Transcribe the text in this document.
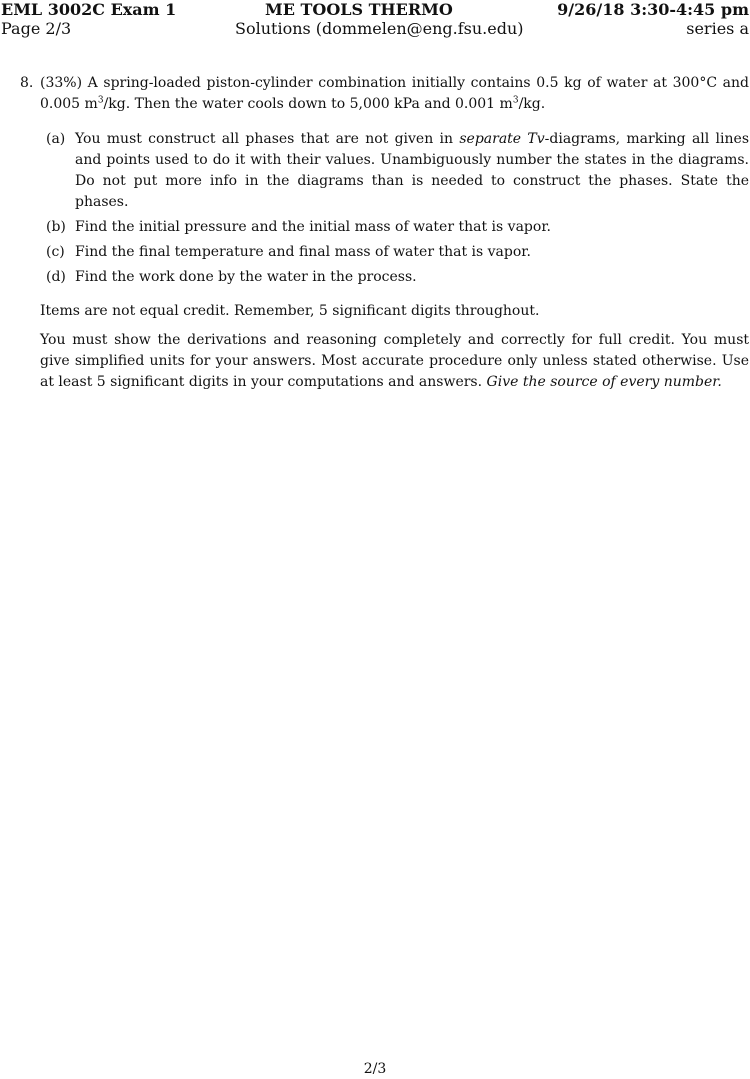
EML 3002C Exam 1	ME TOOLS THERMO	9/26/18 3:30-4:45 pm
Page 2/3	Solutions (dommelen@eng.fsu.edu)	series a
8. (33%) A spring-loaded piston-cylinder combination initially contains 0.5 kg of water at 300°C and 0.005 $m^3/kg$. Then the water cools down to 5,000 kPa and 0.001 $m^3/kg$.
(a) You must construct all phases that are not given in separate Tv-diagrams, marking all lines and points used to do it with their values. Unambiguously number the states in the diagrams. Do not put more info in the diagrams than is needed to construct the phases. State the phases.
(b) Find the initial pressure and the initial mass of water that is vapor.
(c) Find the final temperature and final mass of water that is vapor.
(d) Find the work done by the water in the process.
Items are not equal credit. Remember, 5 significant digits throughout.
You must show the derivations and reasoning completely and correctly for full credit. You must give simplified units for your answers. Most accurate procedure only unless stated otherwise. Use at least 5 significant digits in your computations and answers. Give the source of every number.
2/3
